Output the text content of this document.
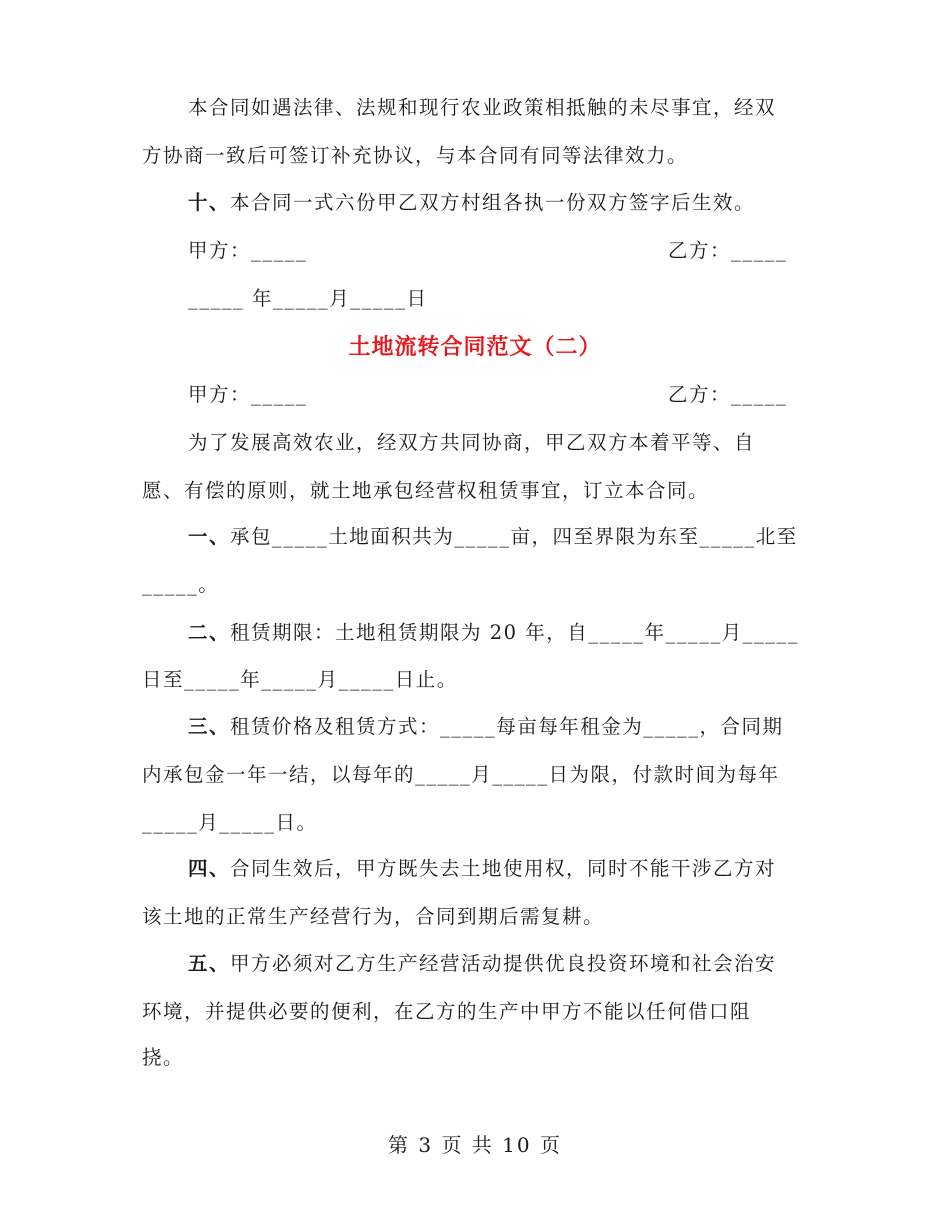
本合同如遇法律、法规和现行农业政策相抵触的未尽事宜，经双
方协商一致后可签订补充协议，与本合同有同等法律效力。
十、本合同一式六份甲乙双方村组各执一份双方签字后生效。
甲方：_____	乙方：_____
_____ 年_____月_____日
土地流转合同范文（二）
甲方：_____	乙方：_____
为了发展高效农业，经双方共同协商，甲乙双方本着平等、自
愿、有偿的原则，就土地承包经营权租赁事宜，订立本合同。
一、承包_____土地面积共为_____亩，四至界限为东至_____北至
_____。
二、租赁期限：土地租赁期限为 20 年，自_____年_____月_____
日至_____年_____月_____日止。
三、租赁价格及租赁方式：_____每亩每年租金为_____，合同期
内承包金一年一结，以每年的_____月_____日为限，付款时间为每年
_____月_____日。
四、合同生效后，甲方既失去土地使用权，同时不能干涉乙方对
该土地的正常生产经营行为，合同到期后需复耕。
五、甲方必须对乙方生产经营活动提供优良投资环境和社会治安
环境，并提供必要的便利，在乙方的生产中甲方不能以任何借口阻
挠。
第 3 页 共 10 页
